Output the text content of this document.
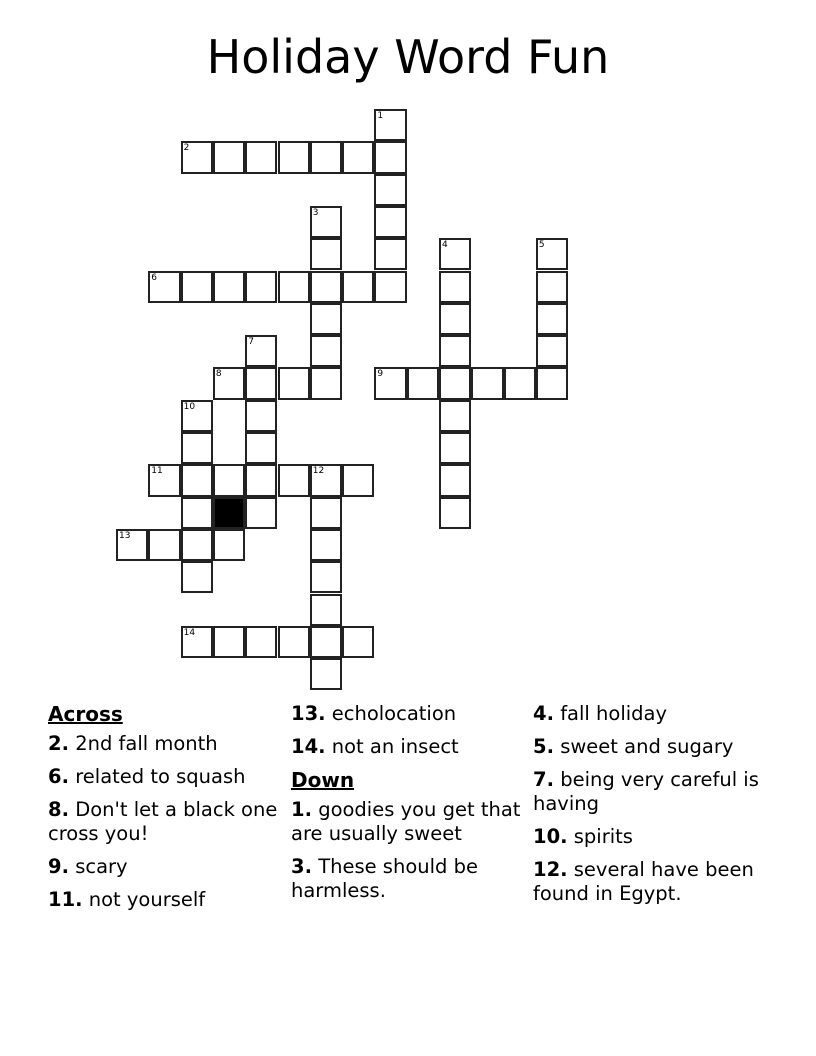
Holiday Word Fun
1
2
3
4	5
6
7
8	9
10
11	12
13
14
Across
2. 2nd fall month
6. related to squash
8. Don't let a black one cross you!
9. scary
11. not yourself
13. echolocation
14. not an insect
Down
1. goodies you get that are usually sweet
3. These should be harmless.
4. fall holiday
5. sweet and sugary
7. being very careful is having
10. spirits
12. several have been found in Egypt.
